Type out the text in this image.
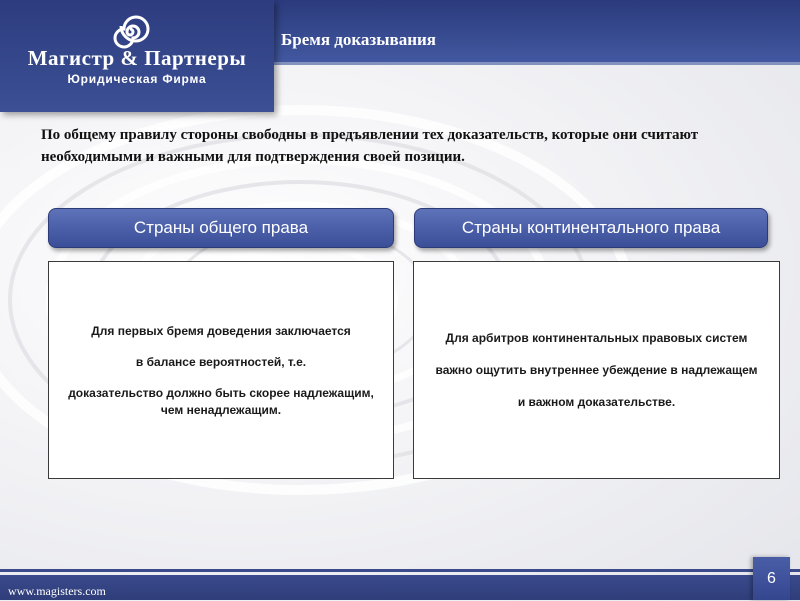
Магистр & Партнеры
Юридическая Фирма
Бремя доказывания
По общему правилу стороны свободны в предъявлении тех доказательств, которые они считают необходимыми и важными для подтверждения своей позиции.
Страны общего права	Страны континентального права

Для первых бремя доведения заключается

в балансе вероятностей, т.е.

доказательство должно быть скорее надлежащим,

чем ненадлежащим.

Для арбитров континентальных правовых систем

важно ощутить внутреннее убеждение в надлежащем

и важном доказательстве.

www.magisters.com
6
